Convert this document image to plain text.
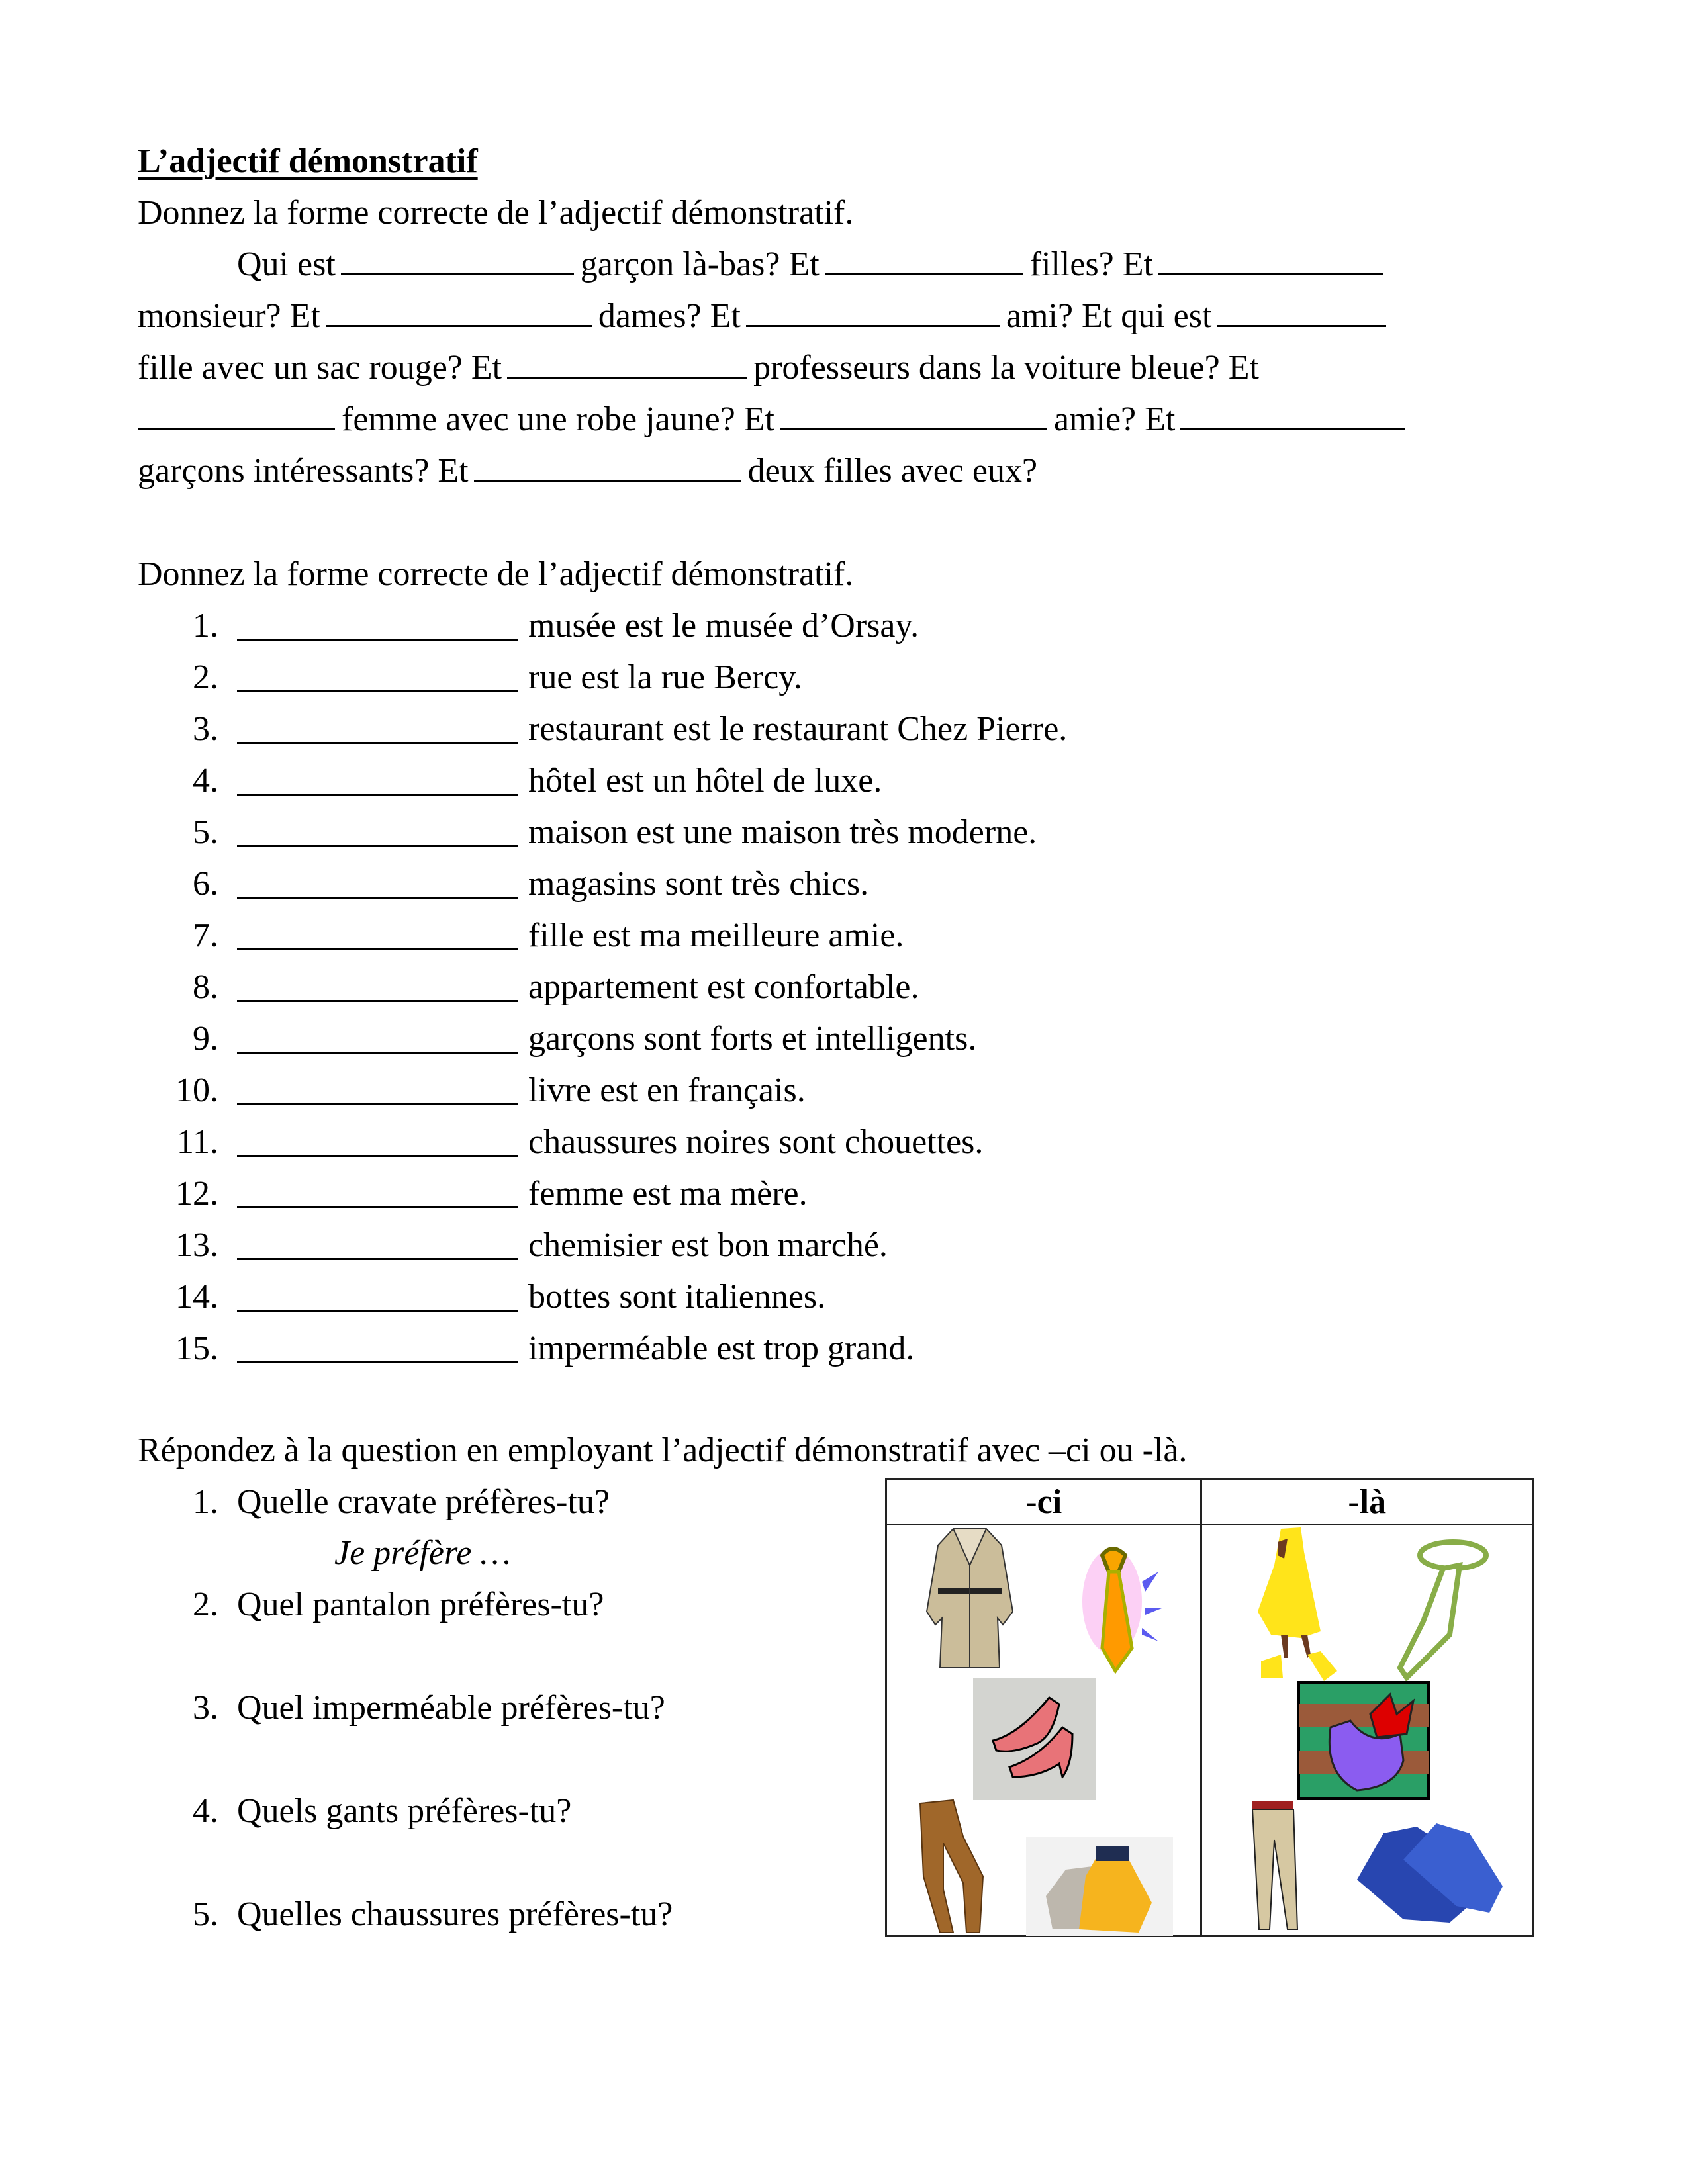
L’adjectif démonstratif
Donnez la forme correcte de l’adjectif démonstratif.
Qui est	garçon là-bas? Et	filles? Et
monsieur? Et	dames? Et	ami? Et qui est
fille avec un sac rouge? Et	professeurs dans la voiture bleue? Et
femme avec une robe jaune? Et	amie? Et
garçons intéressants? Et	deux filles avec eux?
Donnez la forme correcte de l’adjectif démonstratif.
1.	musée est le musée d’Orsay.
2.	rue est la rue Bercy.
3.	restaurant est le restaurant Chez Pierre.
4.	hôtel est un hôtel de luxe.
5.	maison est une maison très moderne.
6.	magasins sont très chics.
7.	fille est ma meilleure amie.
8.	appartement est confortable.
9.	garçons sont forts et intelligents.
10.	livre est en français.
11.	chaussures noires sont chouettes.
12.	femme est ma mère.
13.	chemisier est bon marché.
14.	bottes sont italiennes.
15.	imperméable est trop grand.
Répondez à la question en employant l’adjectif démonstratif avec –ci ou -là.
1. Quelle cravate préfères-tu?
2. Quel pantalon préfères-tu?
3. Quel imperméable préfères-tu?
4. Quels gants préfères-tu?
5. Quelles chaussures préfères-tu?
Je préfère …
-ci	-là
